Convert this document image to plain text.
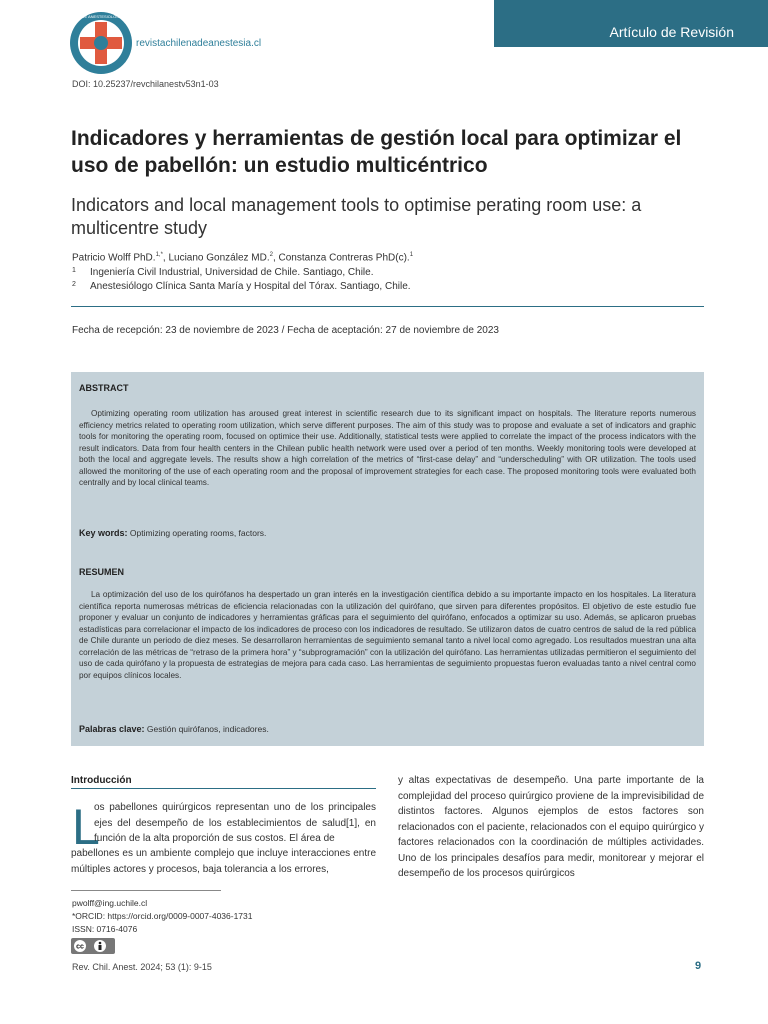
SOCIEDAD DE ANESTESIOLOGÍA DE CHILE
revistachilenadeanestesia.cl
Artículo de Revisión
DOI: 10.25237/revchilanestv53n1-03
Indicadores y herramientas de gestión local para optimizar el uso de pabellón: un estudio multicéntrico
Indicators and local management tools to optimise perating room use: a multicentre study
Patricio Wolff PhD.$^{1,*}$, Luciano González MD.$^2$, Constanza Contreras PhD(c).$^1$
1 Ingeniería Civil Industrial, Universidad de Chile. Santiago, Chile.
2 Anestesiólogo Clínica Santa María y Hospital del Tórax. Santiago, Chile.
Fecha de recepción: 23 de noviembre de 2023 / Fecha de aceptación: 27 de noviembre de 2023
ABSTRACT

Optimizing operating room utilization has aroused great interest in scientific research due to its significant impact on hospitals. The literature reports numerous efficiency metrics related to operating room utilization, which serve different purposes. The aim of this study was to propose and evaluate a set of indicators and graphic tools for monitoring the operating room, focused on optimice their use. Additionally, statistical tests were applied to correlate the impact of the process indicators with the result indicators. Data from four health centers in the Chilean public health network were used over a period of ten months. Weekly monitoring tools were developed at both the local and aggregate levels. The results show a high correlation of the metrics of “first-case delay” and “underscheduling” with OR utilization. The tools used allowed the monitoring of the use of each operating room and the proposal of improvement strategies for each case. The proposed monitoring tools were evaluated both centrally and by local clinical teams.

Key words: Optimizing operating rooms, factors.
RESUMEN

La optimización del uso de los quirófanos ha despertado un gran interés en la investigación científica debido a su importante impacto en los hospitales. La literatura científica reporta numerosas métricas de eficiencia relacionadas con la utilización del quirófano, que sirven para diferentes propósitos. El objetivo de este estudio fue proponer y evaluar un conjunto de indicadores y herramientas gráficas para el seguimiento del quirófano, enfocados a optimizar su uso. Además, se aplicaron pruebas estadísticas para correlacionar el impacto de los indicadores de proceso con los indicadores de resultado. Se utilizaron datos de cuatro centros de salud de la red pública de Chile durante un periodo de diez meses. Se desarrollaron herramientas de seguimiento semanal tanto a nivel local como agregado. Los resultados muestran una alta correlación de las métricas de “retraso de la primera hora” y “subprogramación” con la utilización del quirófano. Las herramientas utilizadas permitieron el seguimiento del uso de cada quirófano y la propuesta de estrategias de mejora para cada caso. Las herramientas de seguimiento propuestas fueron evaluadas tanto a nivel central como por equipos clínicos locales.

Palabras clave: Gestión quirófanos, indicadores.
Introducción
L

os pabellones quirúrgicos representan uno de los principales ejes del desempeño de los establecimientos de salud[1], en función de la alta proporción de sus costos. El área de

pabellones es un ambiente complejo que incluye interacciones entre múltiples actores y procesos, baja tolerancia a los errores,

y altas expectativas de desempeño. Una parte importante de la complejidad del proceso quirúrgico proviene de la imprevisibilidad de distintos factores. Algunos ejemplos de estos factores son relacionados con el paciente, relacionados con el equipo quirúrgico y factores relacionados con la coordinación de múltiples actividades. Uno de los principales desafíos para medir, monitorear y mejorar el desempeño de los procesos quirúrgicos

pwolff@ing.uchile.cl
*ORCID: https://orcid.org/0009-0007-4036-1731
ISSN: 0716-4076
cc
Rev. Chil. Anest. 2024; 53 (1): 9-15	9
